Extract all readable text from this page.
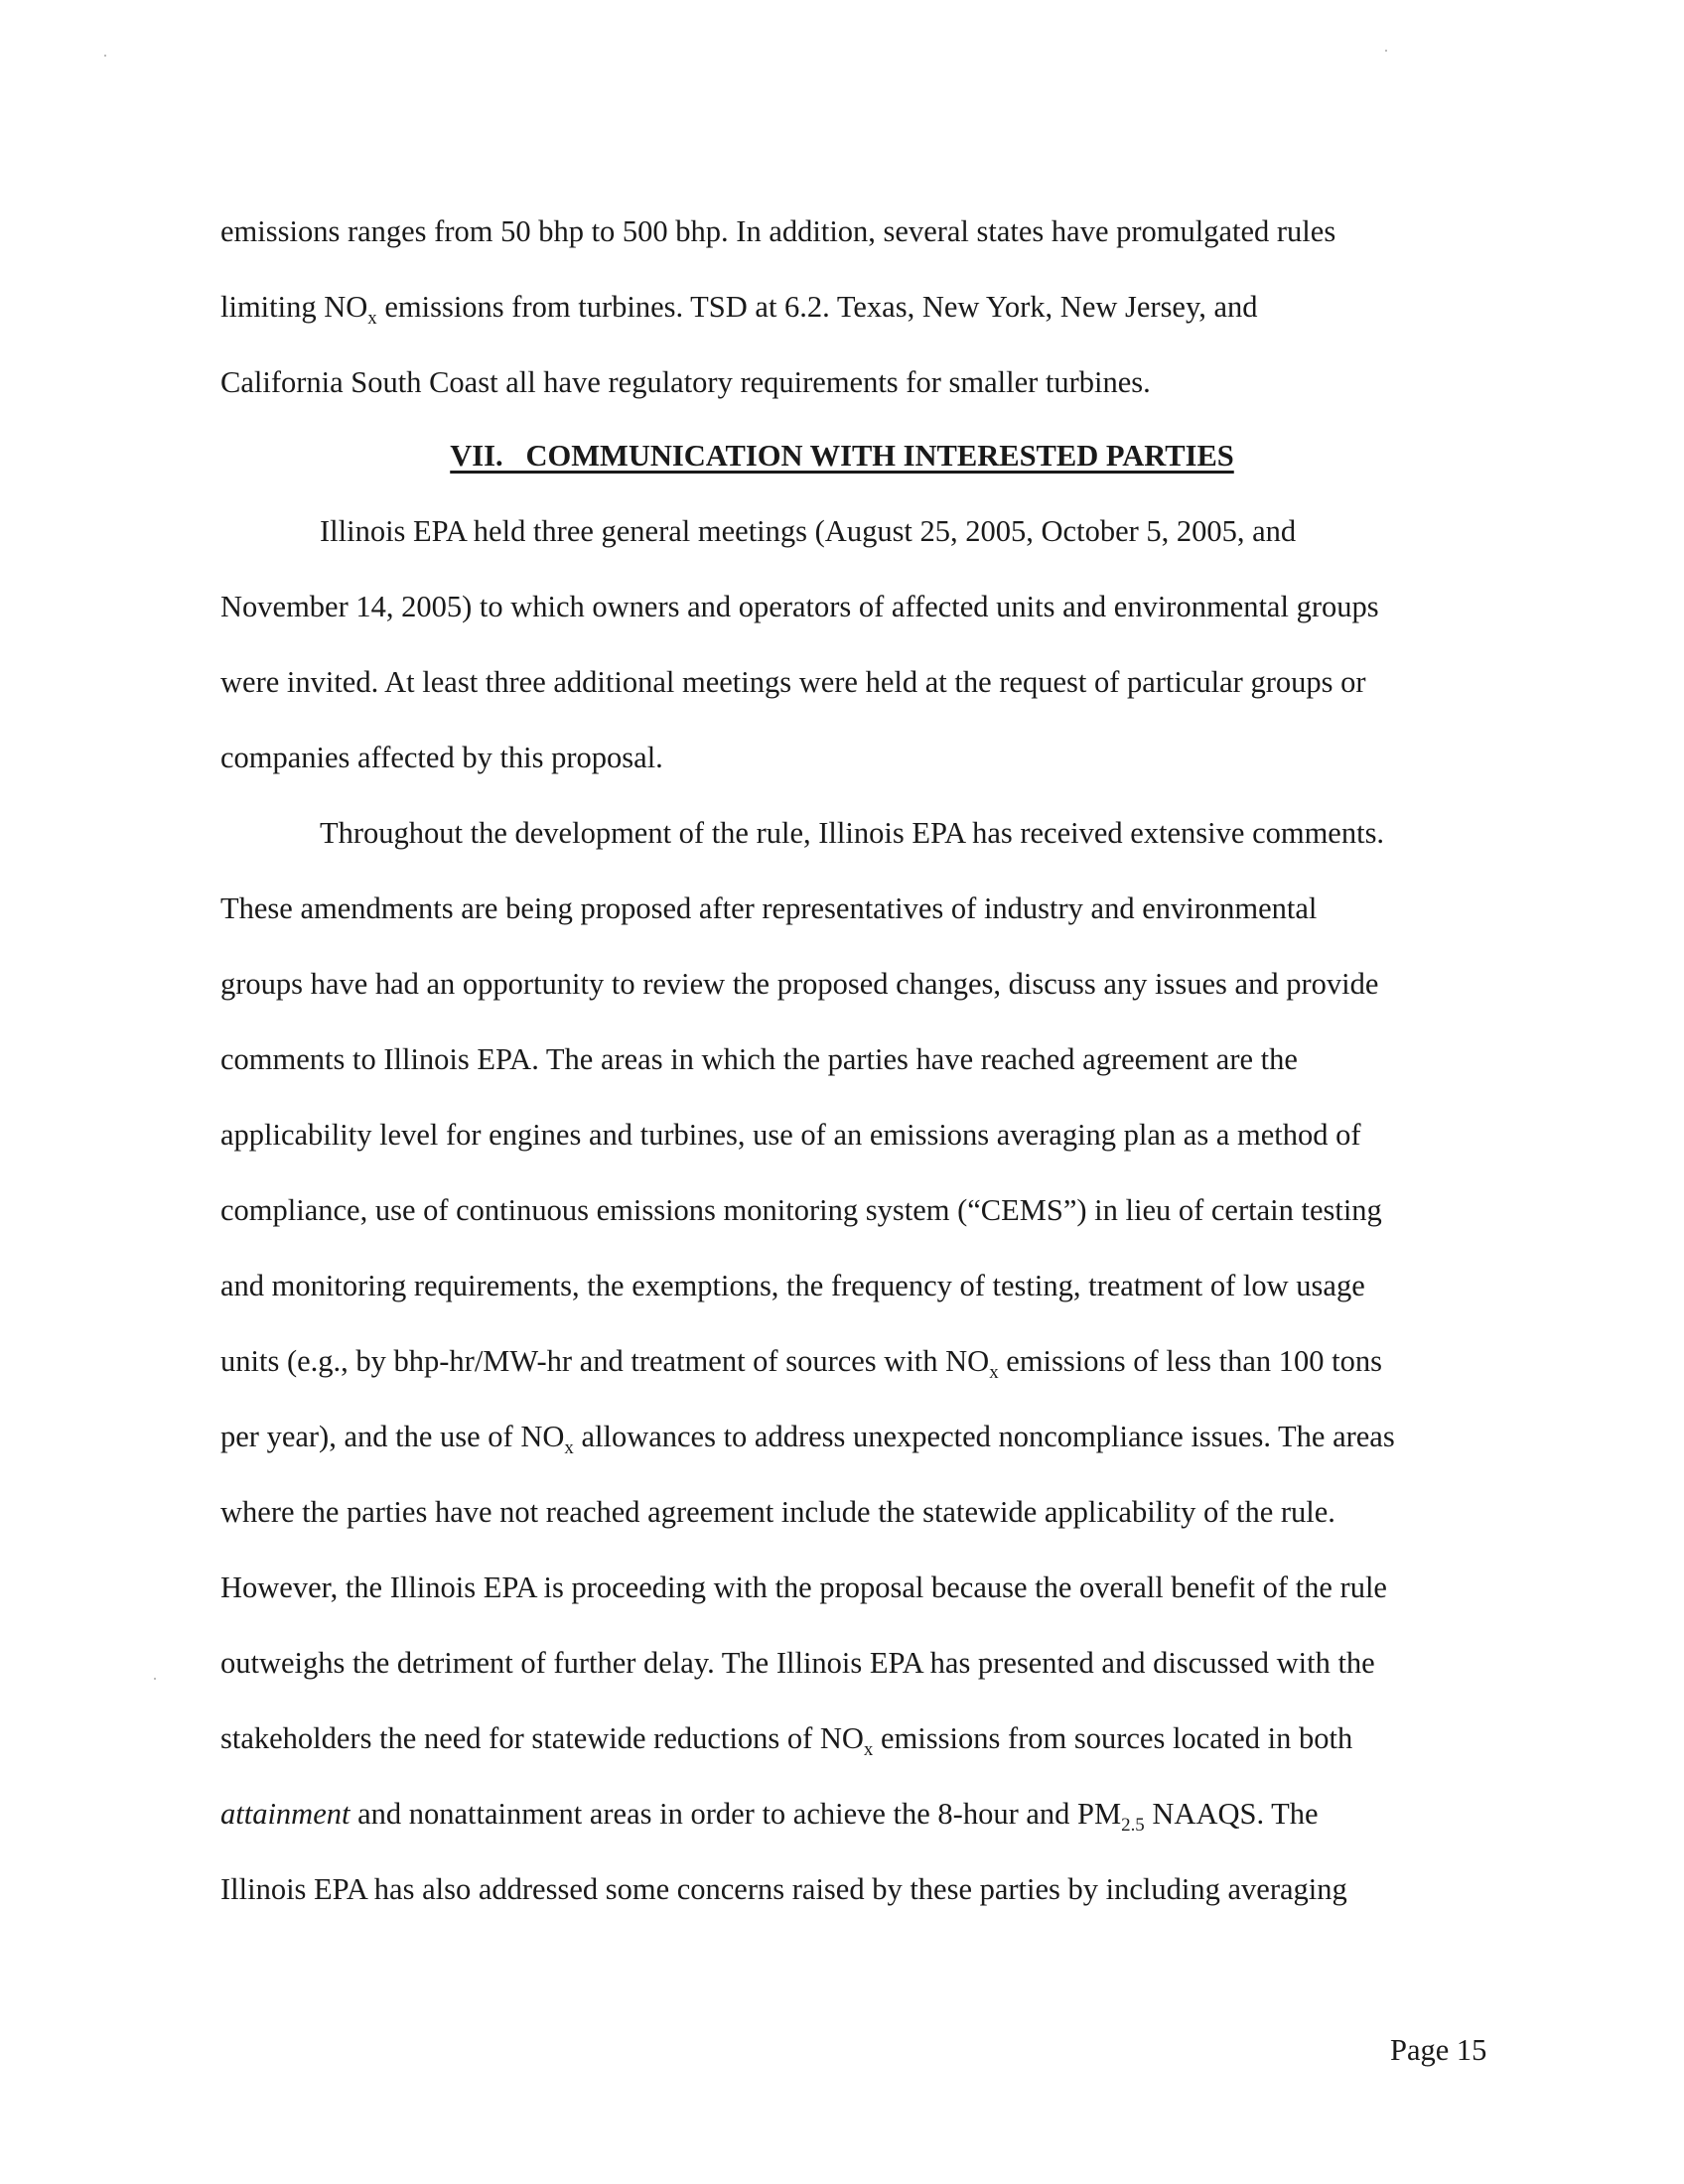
emissions ranges from 50 bhp to 500 bhp. In addition, several states have promulgated rules
limiting $NO_x$ emissions from turbines. TSD at 6.2. Texas, New York, New Jersey, and
California South Coast all have regulatory requirements for smaller turbines.
VII.   COMMUNICATION WITH INTERESTED PARTIES
Illinois EPA held three general meetings (August 25, 2005, October 5, 2005, and
November 14, 2005) to which owners and operators of affected units and environmental groups
were invited. At least three additional meetings were held at the request of particular groups or
companies affected by this proposal.
Throughout the development of the rule, Illinois EPA has received extensive comments.
These amendments are being proposed after representatives of industry and environmental
groups have had an opportunity to review the proposed changes, discuss any issues and provide
comments to Illinois EPA. The areas in which the parties have reached agreement are the
applicability level for engines and turbines, use of an emissions averaging plan as a method of
compliance, use of continuous emissions monitoring system (“CEMS”) in lieu of certain testing
and monitoring requirements, the exemptions, the frequency of testing, treatment of low usage
units (e.g., by bhp-hr/MW-hr and treatment of sources with $NO_x$ emissions of less than 100 tons
per year), and the use of $NO_x$ allowances to address unexpected noncompliance issues. The areas
where the parties have not reached agreement include the statewide applicability of the rule.
However, the Illinois EPA is proceeding with the proposal because the overall benefit of the rule
outweighs the detriment of further delay. The Illinois EPA has presented and discussed with the
stakeholders the need for statewide reductions of $NO_x$ emissions from sources located in both
attainment and nonattainment areas in order to achieve the 8-hour and $PM_{2.5}$ NAAQS. The
Illinois EPA has also addressed some concerns raised by these parties by including averaging
Page 15
